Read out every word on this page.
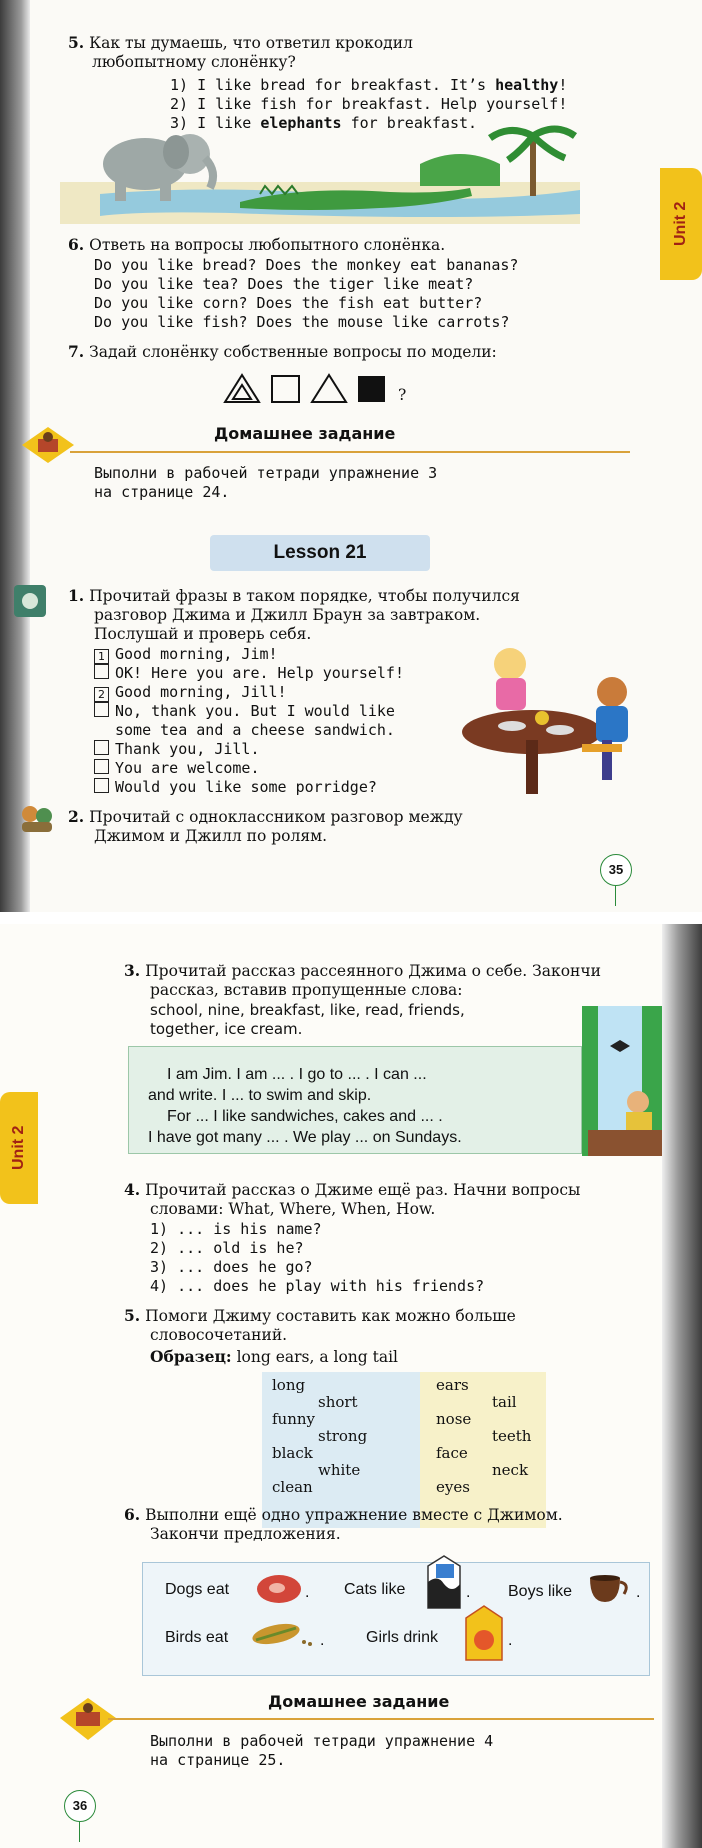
Unit 2
5. Как ты думаешь, что ответил крокодил
любопытному слонёнку?
1) I like bread for breakfast. It’s healthy!
2) I like fish for breakfast. Help yourself!
3) I like elephants for breakfast.
6. Ответь на вопросы любопытного слонёнка.
Do you like bread? Does the monkey eat bananas?
Do you like tea? Does the tiger like meat?
Do you like corn? Does the fish eat butter?
Do you like fish? Does the mouse like carrots?
7. Задай слонёнку собственные вопросы по модели:
?
Домашнее задание
Выполни в рабочей тетради упражнение 3
на странице 24.
Lesson 21
1. Прочитай фразы в таком порядке, чтобы получился
разговор Джима и Джилл Браун за завтраком.
Послушай и проверь себя.
1 Good morning, Jim!
OK! Here you are. Help yourself!
2 Good morning, Jill!
No, thank you. But I would like
some tea and a cheese sandwich.
Thank you, Jill.
You are welcome.
Would you like some porridge?
2. Прочитай с одноклассником разговор между
Джимом и Джилл по ролям.
35
Unit 2
3. Прочитай рассказ рассеянного Джима о себе. Закончи
рассказ, вставив пропущенные слова:
school, nine, breakfast, like, read, friends,
together, ice cream.
I am Jim. I am ... . I go to ... . I can ...
and write. I ... to swim and skip.
For ... I like sandwiches, cakes and ... .
I have got many ... . We play ... on Sundays.
4. Прочитай рассказ о Джиме ещё раз. Начни вопросы
словами: What, Where, When, How.
1) ... is his name?
2) ... old is he?
3) ... does he go?
4) ... does he play with his friends?
5. Помоги Джиму составить как можно больше
словосочетаний.
Образец: long ears, a long tail
long
short
funny
strong
black
white
clean
ears
tail
nose
teeth
face
neck
eyes
6. Выполни ещё одно упражнение вместе с Джимом.
Закончи предложения.
Dogs eat	. Cats like	. Boys like	.
Birds eat	.	Girls drink	.
Домашнее задание
Выполни в рабочей тетради упражнение 4
на странице 25.
36
